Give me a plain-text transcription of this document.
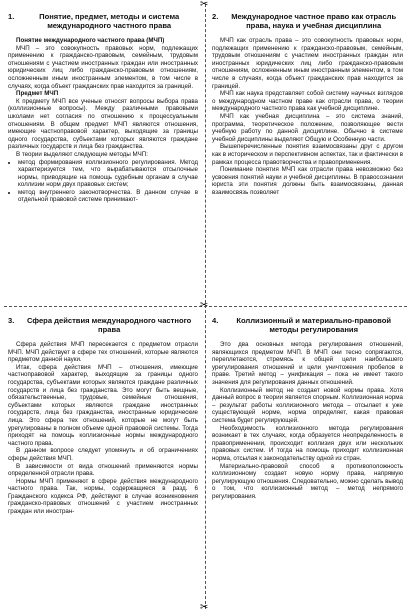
✂
✂
✂
1.	Понятие, предмет, методы и система международного частного права

Понятие международного частного права (МЧП)

МЧП – это совокупность правовых норм, подлежащих применению к гражданско-правовым, семейным, трудовым отношениям с участием иностранных граждан или иностранных юридических лиц либо гражданско-правовым отношениям, осложненным иным иностранным элементом, в том числе в случаях, когда объект гражданских прав находится за границей.

Предмет МЧП

К предмету МЧП все ученые относят вопросы выбора права (коллизионные вопросы). Между различными правовыми школами нет согласия по отношению к процессуальным отношениям. В общем предмет МЧП являются отношения, имеющие частноправовой характер, выходящие за границы одного государства, субъектами которых являются граждане различных государств и лица без гражданства.

В теории выделяют следующие методы МЧП:

• метод формирования коллизионного регулирования. Метод характеризуется тем, что вырабатываются отсылочные нормы, приводящие на помощь судебным органам в случае коллизии норм двух правовых систем;
• метод внутреннего законотворчества. В данном случае в отдельной правовой системе принимают-
2.	Международное частное право как отрасль права, наука и учебная дисциплина

МЧП как отрасль права – это совокупность правовых норм, подлежащих применению к гражданско-правовым, семейным, трудовым отношениям с участием иностранных граждан или иностранных юридических лиц либо гражданско-правовым отношениям, осложненным иным иностранным элементом, в том числе в случаях, когда объект гражданских прав находится за границей.

МЧП как наука представляет собой систему научных взглядов о международном частном праве как отрасли права, о теории международного частного права как учебной дисциплине.

МЧП как учебная дисциплина – это система знаний, программа, теоретическое положение, позволяющее вести учебную работу по данной дисциплине. Обычно в системе учебной дисциплины выделяют Общую и Особенную части.

Вышеперечисленные понятия взаимосвязаны друг с другом как в историческом и перспективном аспектах, так и фактически в рамках процесса правотворчества и правоприменения.

Понимание понятия МЧП как отрасли права невозможно без усвоения понятий науки и учебной дисциплины. В правосознании юриста эти понятия должны быть взаимосвязаны, данная взаимосвязь позволяет

3.	Сфера действия международного частного права

Сфера действия МЧП пересекается с предметом отрасли МЧП. МЧП действует в сфере тех отношений, которые являются предметом данной науки.

Итак, сфера действия МЧП – отношения, имеющие частноправовой характер, выходящие за границы одного государства, субъектами которых являются граждане различных государств и лица без гражданства. Это могут быть вещные, обязательственные, трудовые, семейные отношения, субъектами которых являются граждане иностранных государств, лица без гражданства, иностранные юридические лица. Это сфера тех отношений, которые не могут быть урегулированы в полном объеме одной правовой системы. Тогда приходят на помощь коллизионные нормы международного частного права.

В данном вопросе следует упомянуть и об ограничениях сферы действия МЧП.

В зависимости от вида отношений применяются нормы определенной отрасли права.

Нормы МЧП применяют в сфере действия международного частного права. Так, нормы, содержащиеся в разд. 6 Гражданского кодекса РФ, действуют в случае возникновения гражданско-правовых отношений с участием иностранных граждан или иностран-

4.	Коллизионный и материально-правовой методы регулирования

Это два основных метода регулирования отношений, являющихся предметом МЧП. В МЧП они тесно сопрягаются, переплетаются, стремясь к общей цели наибольшего урегулирования отношений и цели уничтожения пробелов в праве. Третий метод – унификация – пока не имеет такого значения для регулирования данных отношений.

Коллизионный метод не создает новой нормы права. Хотя данный вопрос в теории является спорным. Коллизионная норма – результат работы коллизионного метода – отсылает к уже существующей норме, норма определяет, какая правовая система будет регулирующей.

Необходимость коллизионного метода регулирования возникает в тех случаях, когда образуется неопределенность в правоприменении, происходит коллизия двух или нескольких правовых систем. И тогда на помощь приходит коллизионная норма, отсылая к законодательству одной из стран.

Материально-правовой способ в противоположность коллизионному создает новую норму права, напрямую регулирующую отношения. Следовательно, можно сделать вывод о том, что коллизионный метод – метод непрямого регулирования.
